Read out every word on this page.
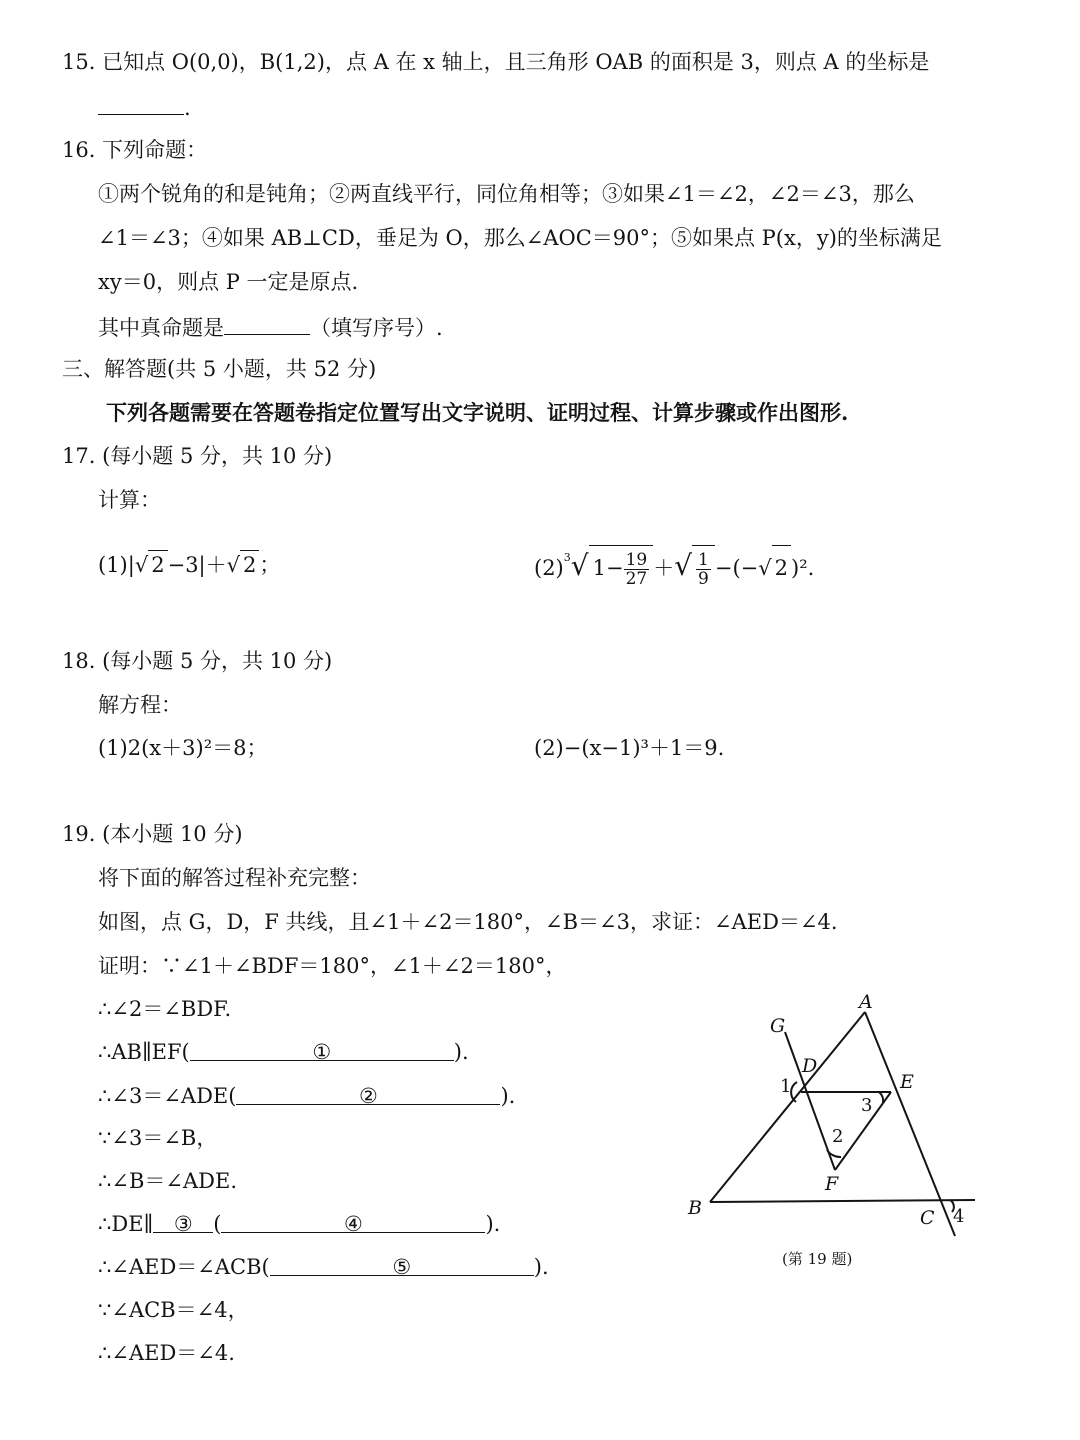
15. 已知点 O(0,0)，B(1,2)，点 A 在 x 轴上，且三角形 OAB 的面积是 3，则点 A 的坐标是
.
16. 下列命题：
①两个锐角的和是钝角；②两直线平行，同位角相等；③如果∠1＝∠2，∠2＝∠3，那么
∠1＝∠3；④如果 AB⊥CD，垂足为 O，那么∠AOC＝90°；⑤如果点 P(x，y)的坐标满足
xy＝0，则点 P 一定是原点.
其中真命题是	（填写序号）.
三、解答题(共 5 小题，共 52 分)
下列各题需要在答题卷指定位置写出文字说明、证明过程、计算步骤或作出图形.
17. (每小题 5 分，共 10 分)
计算：
(1)|√ 2 −3|＋√ 2 ；	$(2)^3√$ $1- \frac{19}{27}$ ＋√ $\frac{1}{9}$ −(−√ 2 )².
18. (每小题 5 分，共 10 分)
解方程：
(1)2(x＋3)²＝8；	(2)−(x−1)³＋1＝9.
19. (本小题 10 分)
将下面的解答过程补充完整：
如图，点 G，D，F 共线，且∠1＋∠2＝180°，∠B＝∠3，求证：∠AED＝∠4.
证明：∵∠1＋∠BDF＝180°，∠1＋∠2＝180°，
∴∠2＝∠BDF.
∴AB∥EF(	①	).
∴∠3＝∠ADE(	②	).
∵∠3＝∠B，
∴∠B＝∠ADE.
∴DE∥ ③ (	④	).
∴∠AED＝∠ACB(	⑤	).
∵∠ACB＝∠4，
∴∠AED＝∠4.
G
A
D
E
F
B	C
1
3
2
4
(第 19 题)
